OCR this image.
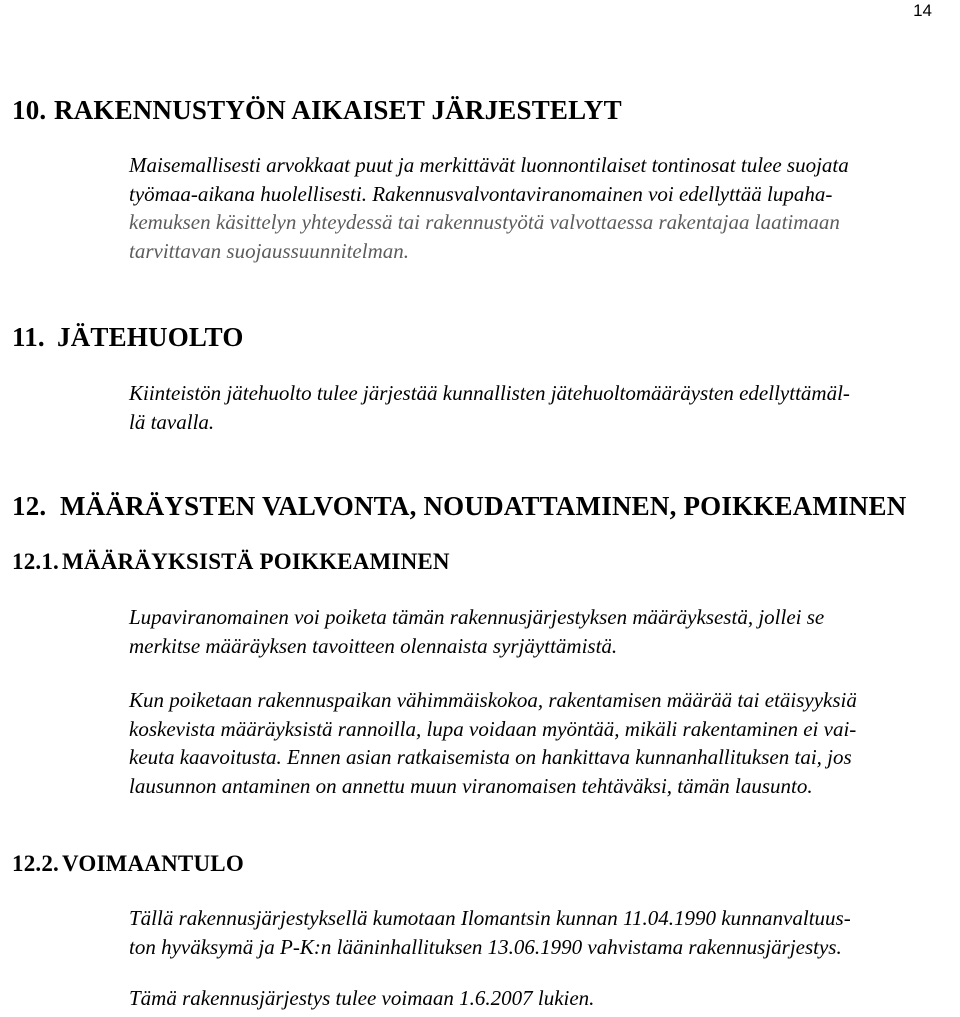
14
10. RAKENNUSTYÖN AIKAISET JÄRJESTELYT
Maisemallisesti arvokkaat puut ja merkittävät luonnontilaiset tontinosat tulee suojata
työmaa-aikana huolellisesti. Rakennusvalvontaviranomainen voi edellyttää lupaha-
kemuksen käsittelyn yhteydessä tai rakennustyötä valvottaessa rakentajaa laatimaan
tarvittavan suojaussuunnitelman.
11. JÄTEHUOLTO
Kiinteistön jätehuolto tulee järjestää kunnallisten jätehuoltomääräysten edellyttämäl-
lä tavalla.
12. MÄÄRÄYSTEN VALVONTA, NOUDATTAMINEN, POIKKEAMINEN
12.1. MÄÄRÄYKSISTÄ POIKKEAMINEN
Lupaviranomainen voi poiketa tämän rakennusjärjestyksen määräyksestä, jollei se
merkitse määräyksen tavoitteen olennaista syrjäyttämistä.
Kun poiketaan rakennuspaikan vähimmäiskokoa, rakentamisen määrää tai etäisyyksiä
koskevista määräyksistä rannoilla, lupa voidaan myöntää, mikäli rakentaminen ei vai-
keuta kaavoitusta. Ennen asian ratkaisemista on hankittava kunnanhallituksen tai, jos
lausunnon antaminen on annettu muun viranomaisen tehtäväksi, tämän lausunto.
12.2. VOIMAANTULO
Tällä rakennusjärjestyksellä kumotaan Ilomantsin kunnan 11.04.1990 kunnanvaltuus-
ton hyväksymä ja P-K:n lääninhallituksen 13.06.1990 vahvistama rakennusjärjestys.
Tämä rakennusjärjestys tulee voimaan 1.6.2007 lukien.
